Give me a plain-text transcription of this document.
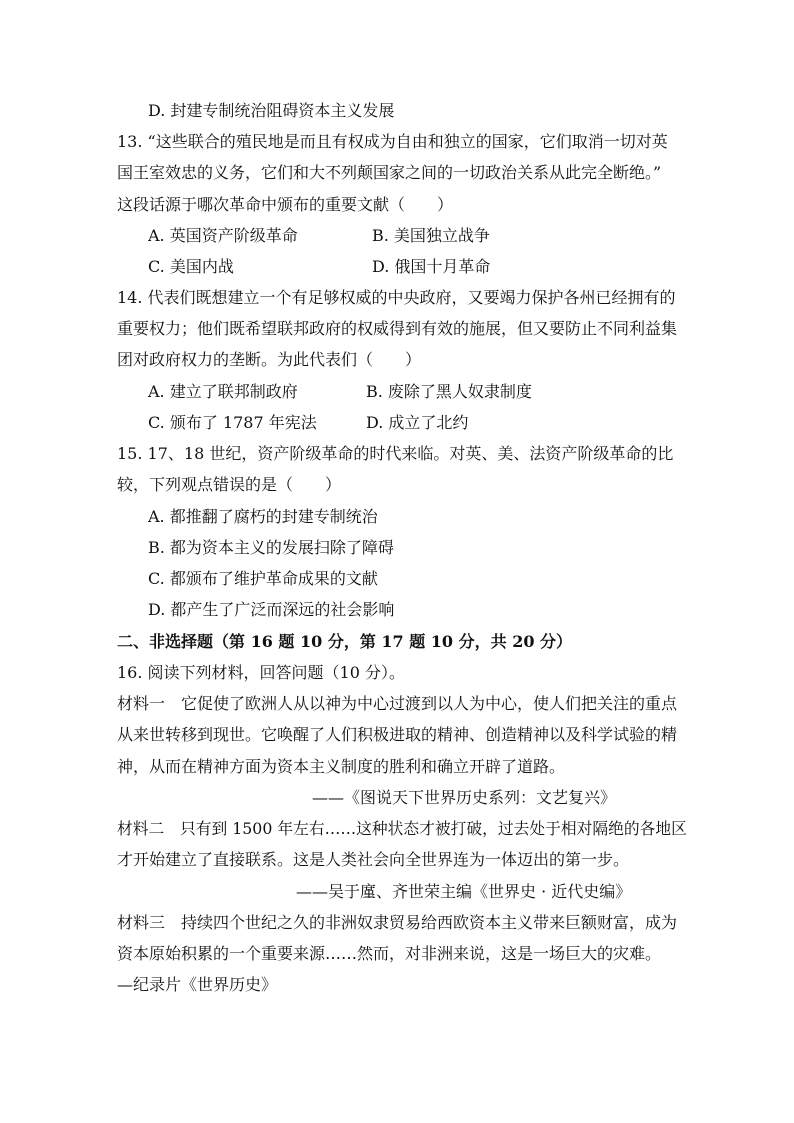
D. 封建专制统治阻碍资本主义发展
13. “这些联合的殖民地是而且有权成为自由和独立的国家，它们取消一切对英
国王室效忠的义务，它们和大不列颠国家之间的一切政治关系从此完全断绝。”
这段话源于哪次革命中颁布的重要文献（　　）
A. 英国资产阶级革命	B. 美国独立战争
C. 美国内战	D. 俄国十月革命
14. 代表们既想建立一个有足够权威的中央政府，又要竭力保护各州已经拥有的
重要权力；他们既希望联邦政府的权威得到有效的施展，但又要防止不同利益集
团对政府权力的垄断。为此代表们（　　）
A. 建立了联邦制政府	B. 废除了黑人奴隶制度
C. 颁布了 1787 年宪法	D. 成立了北约
15. 17、18 世纪，资产阶级革命的时代来临。对英、美、法资产阶级革命的比
较，下列观点错误的是（　　）
A. 都推翻了腐朽的封建专制统治
B. 都为资本主义的发展扫除了障碍
C. 都颁布了维护革命成果的文献
D. 都产生了广泛而深远的社会影响
二、非选择题（第 16 题 10 分，第 17 题 10 分，共 20 分）
16. 阅读下列材料，回答问题（10 分）。
材料一　它促使了欧洲人从以神为中心过渡到以人为中心，使人们把关注的重点
从来世转移到现世。它唤醒了人们积极进取的精神、创造精神以及科学试验的精
神，从而在精神方面为资本主义制度的胜利和确立开辟了道路。
——《图说天下世界历史系列：文艺复兴》
材料二　只有到 1500 年左右……这种状态才被打破，过去处于相对隔绝的各地区
才开始建立了直接联系。这是人类社会向全世界连为一体迈出的第一步。
——吴于廑、齐世荣主编《世界史 · 近代史编》
材料三　持续四个世纪之久的非洲奴隶贸易给西欧资本主义带来巨额财富，成为
资本原始积累的一个重要来源……然而，对非洲来说，这是一场巨大的灾难。
—纪录片《世界历史》
